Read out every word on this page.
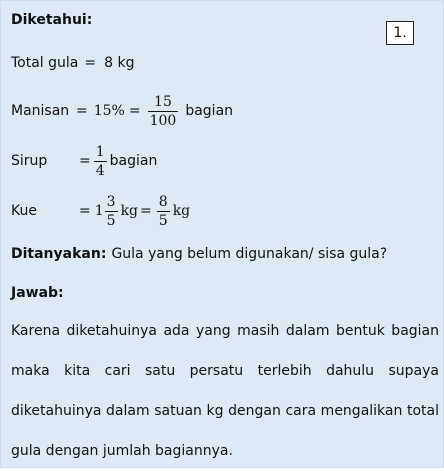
Diketahui:
1.
Total gula = 8 kg
Manisan = $15\% = \frac{15}{100}$ bagian
Sirup	= $\frac{1}{4}$ bagian
Kue	= $1 \frac{3}{5}$ kg = $\frac{8}{5}$ kg
Ditanyakan: Gula yang belum digunakan/ sisa gula?
Jawab:
Karena diketahuinya ada yang masih dalam bentuk bagian maka kita cari satu persatu terlebih dahulu supaya diketahuinya dalam satuan kg dengan cara mengalikan total gula dengan jumlah bagiannya.
